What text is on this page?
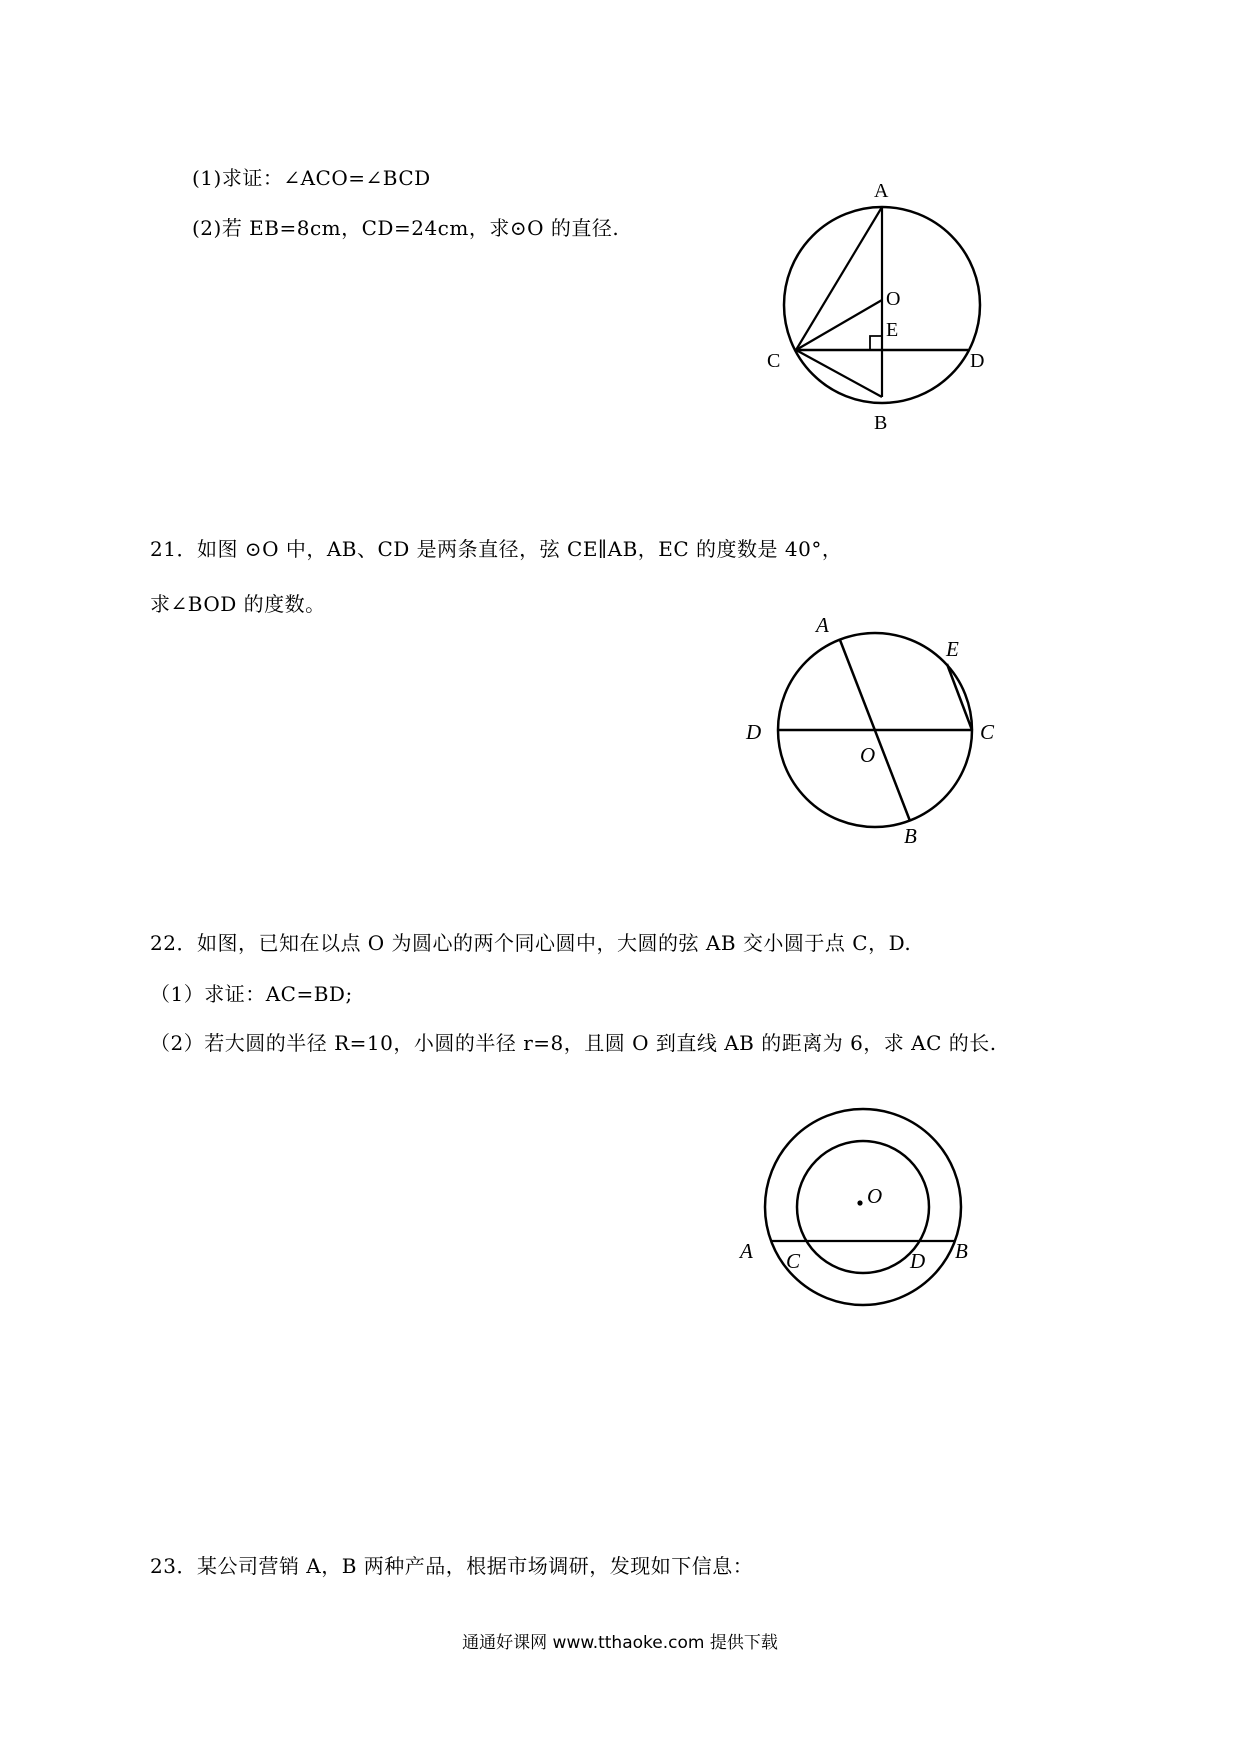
(1)求证：∠ACO=∠BCD
(2)若 EB=8cm，CD=24cm，求⊙O 的直径.
A
O
E
C	D
B
21．如图 ⊙O 中，AB、CD 是两条直径，弦 CE∥AB，EC 的度数是 40°，
求∠BOD 的度数。
A
E
D	C
O
B
22．如图，已知在以点 O 为圆心的两个同心圆中，大圆的弦 AB 交小圆于点 C，D.
（1）求证：AC=BD;
（2）若大圆的半径 R=10，小圆的半径 r=8，且圆 O 到直线 AB 的距离为 6，求 AC 的长.
O
A C	D B
23．某公司营销 A，B 两种产品，根据市场调研，发现如下信息：
通通好课网 www.tthaoke.com 提供下载
